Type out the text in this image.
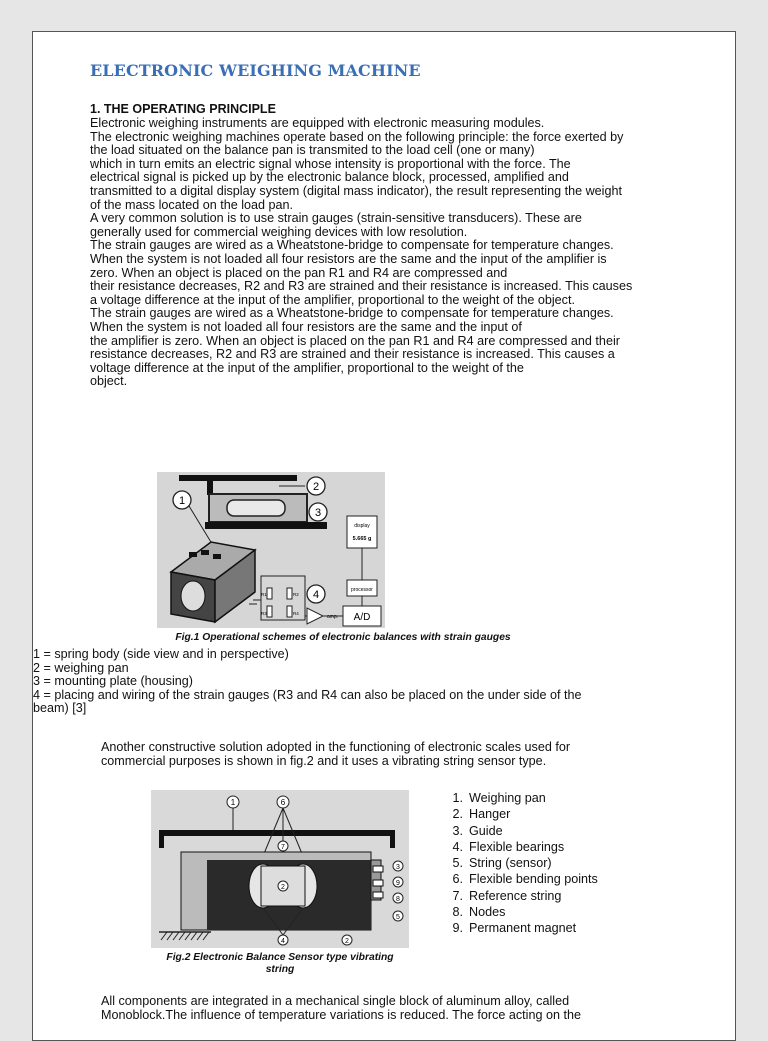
ELECTRONIC WEIGHING MACHINE
1. THE OPERATING PRINCIPLE
Electronic weighing instruments are equipped with electronic measuring modules.
The electronic weighing machines operate based on the following principle: the force exerted by
the load situated on the balance pan is transmited to the load cell (one or many)
which in turn emits an electric signal whose intensity is proportional with the force. The
electrical signal is picked up by the electronic balance block, processed, amplified and
transmitted to a digital display system (digital mass indicator), the result representing the weight
of the mass located on the load pan.
A very common solution is to use strain gauges (strain-sensitive transducers). These are
generally used for commercial weighing devices with low resolution.
The strain gauges are wired as a Wheatstone-bridge to compensate for temperature changes.
When the system is not loaded all four resistors are the same and the input of the amplifier is
zero. When an object is placed on the pan R1 and R4 are compressed and
their resistance decreases, R2 and R3 are strained and their resistance is increased. This causes
a voltage difference at the input of the amplifier, proportional to the weight of the object.
The strain gauges are wired as a Wheatstone-bridge to compensate for temperature changes.
When the system is not loaded all four resistors are the same and the input of
the amplifier is zero. When an object is placed on the pan R1 and R4 are compressed and their
resistance decreases, R2 and R3 are strained and their resistance is increased. This causes a
voltage difference at the input of the amplifier, proportional to the weight of the
object.
2
3
1
R1	R2
R3	R4
4
amp.
display
5.665 g
processor
A/D
Fig.1 Operational schemes of electronic balances with strain gauges
1 = spring body (side view and in perspective)
2 = weighing pan
3 = mounting plate (housing)
4 = placing and wiring of the strain gauges (R3 and R4 can also be placed on the under side of the
beam) [3]
Another constructive solution adopted in the functioning of electronic scales used for
commercial purposes is shown in fig.2 and it uses a vibrating string sensor type.
1	6
7
2
3
9
8
5
4	2
Fig.2 Electronic Balance Sensor type vibrating
string
1. Weighing pan
2. Hanger
3. Guide
4. Flexible bearings
5. String (sensor)
6. Flexible bending points
7. Reference string
8. Nodes
9. Permanent magnet
All components are integrated in a mechanical single block of aluminum alloy, called
Monoblock.The influence of temperature variations is reduced. The force acting on the
